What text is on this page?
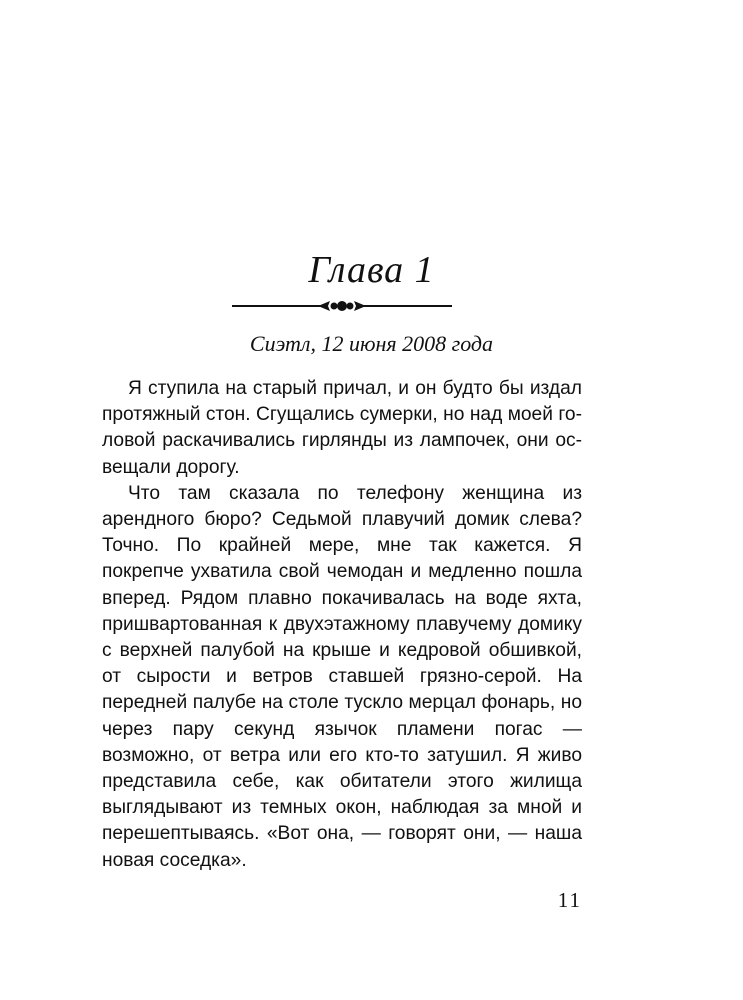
Глава 1
Сиэтл, 12 июня 2008 года

Я ступила на старый причал, и он будто бы издал протяжный стон. Сгущались сумерки, но над моей головой раскачивались гирлянды из лампочек, они освещали дорогу.

Что там сказала по телефону женщина из арендного бюро? Седьмой плавучий домик слева? Точно. По крайней мере, мне так кажется. Я покрепче ухватила свой чемодан и медленно пошла вперед. Рядом плавно покачивалась на воде яхта, пришвартованная к двухэтажному плавучему домику с верхней палубой на крыше и кедровой обшивкой, от сырости и ветров ставшей грязно-серой. На передней палубе на столе тускло мерцал фонарь, но через пару секунд язычок пламени погас — возможно, от ветра или его кто-то затушил. Я живо представила себе, как обитатели этого жилища выглядывают из темных окон, наблюдая за мной и перешептываясь. «Вот она, — говорят они, — наша новая соседка».

11
